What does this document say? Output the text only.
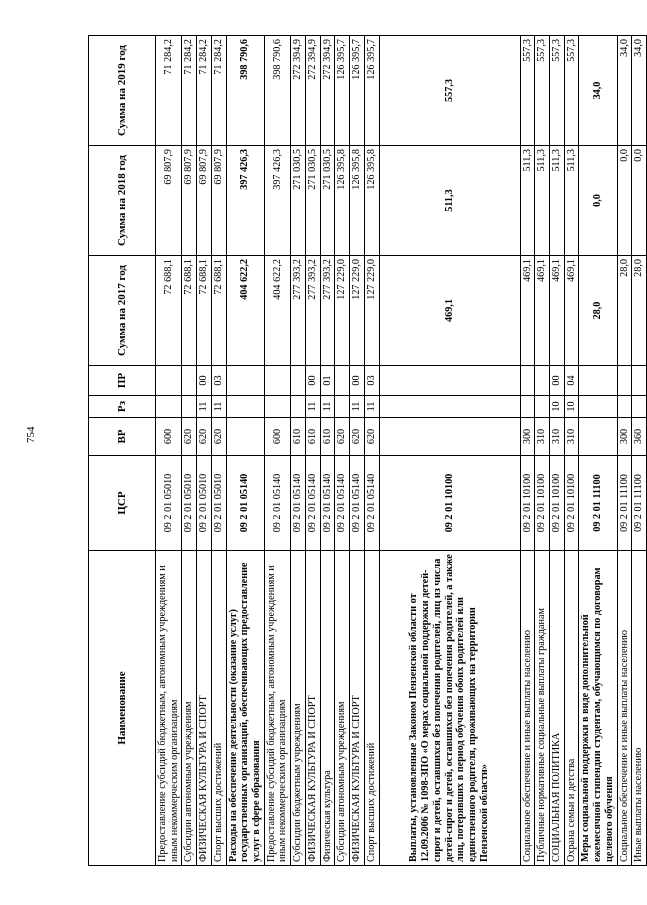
754
Наименование	ЦСР	ВР	Рз	ПР	Сумма на 2017 год	Сумма на 2018 год	Сумма на 2019 год
Предоставление субсидий бюджетным, автономным учреждениям и иным некоммерческим организациям	09 2 01 05010	600			72 688,1	69 807,9	71 284,2
Субсидии автономным учреждениям	09 2 01 05010	620			72 688,1	69 807,9	71 284,2
ФИЗИЧЕСКАЯ КУЛЬТУРА И СПОРТ	09 2 01 05010	620	11	00	72 688,1	69 807,9	71 284,2
Спорт высших достижений	09 2 01 05010	620	11	03	72 688,1	69 807,9	71 284,2
Расходы на обеспечение деятельности (оказание услуг) государственных организаций, обеспечивающих предоставление услуг в сфере образования	09 2 01 05140				404 622,2	397 426,3	398 790,6
Предоставление субсидий бюджетным, автономным учреждениям и иным некоммерческим организациям	09 2 01 05140	600			404 622,2	397 426,3	398 790,6
Субсидии бюджетным учреждениям	09 2 01 05140	610			277 393,2	271 030,5	272 394,9
ФИЗИЧЕСКАЯ КУЛЬТУРА И СПОРТ	09 2 01 05140	610	11	00	277 393,2	271 030,5	272 394,9
Физическая культура	09 2 01 05140	610	11	01	277 393,2	271 030,5	272 394,9
Субсидии автономным учреждениям	09 2 01 05140	620			127 229,0	126 395,8	126 395,7
ФИЗИЧЕСКАЯ КУЛЬТУРА И СПОРТ	09 2 01 05140	620	11	00	127 229,0	126 395,8	126 395,7
Спорт высших достижений	09 2 01 05140	620	11	03	127 229,0	126 395,8	126 395,7
Выплаты, установленные Законом Пензенской области от 12.09.2006 № 1098-ЗПО «О мерах социальной поддержки детей-сирот и детей, оставшихся без попечения родителей, лиц из числа детей-сирот и детей, оставшихся без попечения родителей, а также лиц, потерявших в период обучения обоих родителей или единственного родителя, проживающих на территории Пензенской области»	09 2 01 10100				469,1	511,3	557,3
Социальное обеспечение и иные выплаты населению	09 2 01 10100	300			469,1	511,3	557,3
Публичные нормативные социальные выплаты гражданам	09 2 01 10100	310			469,1	511,3	557,3
СОЦИАЛЬНАЯ ПОЛИТИКА	09 2 01 10100	310	10	00	469,1	511,3	557,3
Охрана семьи и детства	09 2 01 10100	310	10	04	469,1	511,3	557,3
Меры социальной поддержки в виде дополнительной ежемесячной стипендии студентам, обучающимся по договорам целевого обучения	09 2 01 11100				28,0	0,0	34,0
Социальное обеспечение и иные выплаты населению	09 2 01 11100	300			28,0	0,0	34,0
Иные выплаты населению	09 2 01 11100	360			28,0	0,0	34,0
